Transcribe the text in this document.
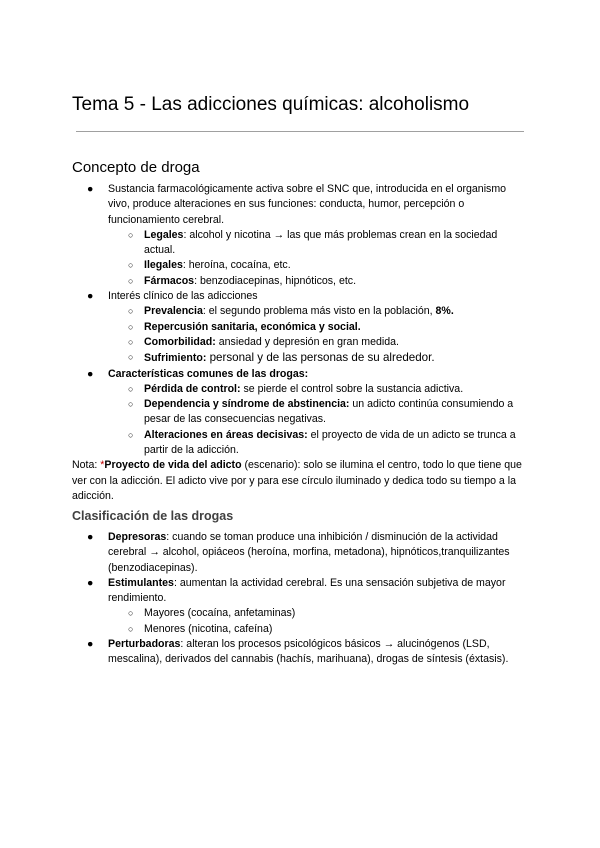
Tema 5 - Las adicciones químicas: alcoholismo
Concepto de droga
● Sustancia farmacológicamente activa sobre el SNC que, introducida en el organismo vivo, produce alteraciones en sus funciones: conducta, humor, percepción o funcionamiento cerebral.
○ Legales: alcohol y nicotina → las que más problemas crean en la sociedad actual.
○ Ilegales: heroína, cocaína, etc.
○ Fármacos: benzodiacepinas, hipnóticos, etc.
● Interés clínico de las adicciones
○ Prevalencia: el segundo problema más visto en la población, 8%.
○ Repercusión sanitaria, económica y social.
○ Comorbilidad: ansiedad y depresión en gran medida.
○ Sufrimiento: personal y de las personas de su alrededor.
● Características comunes de las drogas:
○ Pérdida de control: se pierde el control sobre la sustancia adictiva.
○ Dependencia y síndrome de abstinencia: un adicto continúa consumiendo a pesar de las consecuencias negativas.
○ Alteraciones en áreas decisivas: el proyecto de vida de un adicto se trunca a partir de la adicción.
Nota: *Proyecto de vida del adicto (escenario): solo se ilumina el centro, todo lo que tiene que ver con la adicción. El adicto vive por y para ese círculo iluminado y dedica todo su tiempo a la adicción.
Clasificación de las drogas
● Depresoras: cuando se toman produce una inhibición / disminución de la actividad cerebral → alcohol, opiáceos (heroína, morfina, metadona), hipnóticos,tranquilizantes (benzodiacepinas).
● Estimulantes: aumentan la actividad cerebral. Es una sensación subjetiva de mayor rendimiento.
○ Mayores (cocaína, anfetaminas)
○ Menores (nicotina, cafeína)
● Perturbadoras: alteran los procesos psicológicos básicos → alucinógenos (LSD, mescalina), derivados del cannabis (hachís, marihuana), drogas de síntesis (éxtasis).
